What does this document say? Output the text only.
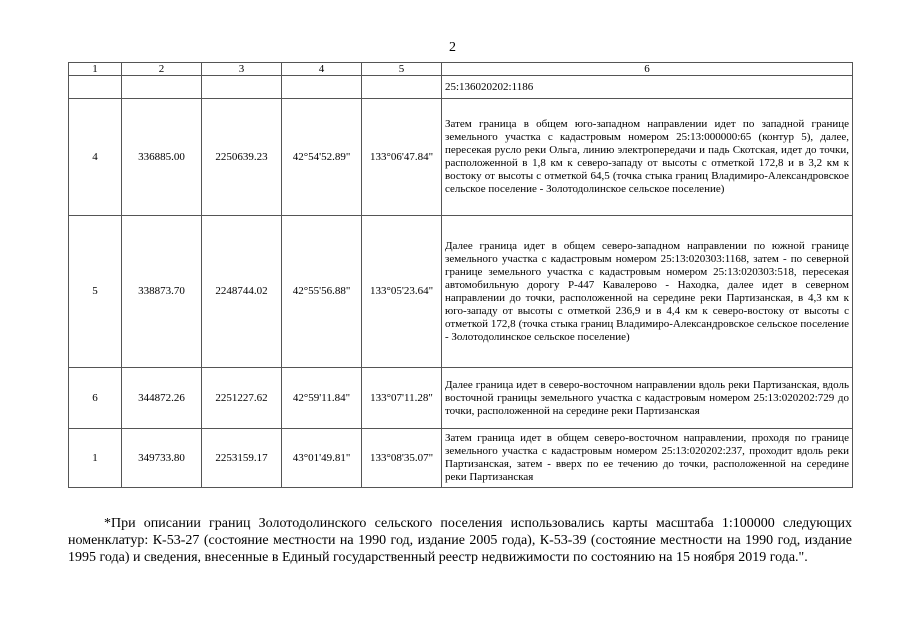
2
1	2	3	4	5	6
					25:136020202:1186
4	336885.00	2250639.23	42°54'52.89"	133°06'47.84"	Затем граница в общем юго-западном направлении идет по западной границе земельного участка с кадастровым номером 25:13:000000:65 (контур 5), далее, пересекая русло реки Ольга, линию электропередачи и падь Скотская, идет до точки, расположенной в 1,8 км к северо-западу от высоты с отметкой 172,8 и в 3,2 км к востоку от высоты с отметкой 64,5 (точка стыка границ Владимиро-Александровское сельское поселение - Золотодолинское сельское поселение)
5	338873.70	2248744.02	42°55'56.88"	133°05'23.64"	Далее граница идет в общем северо-западном направлении по южной границе земельного участка с кадастровым номером 25:13:020303:1168, затем - по северной границе земельного участка с кадастровым номером 25:13:020303:518, пересекая автомобильную дорогу Р-447 Кавалерово - Находка, далее идет в северном направлении до точки, расположенной на середине реки Партизанская, в 4,3 км к юго-западу от высоты с отметкой 236,9 и в 4,4 км к северо-востоку от высоты с отметкой 172,8 (точка стыка границ Владимиро-Александровское сельское поселение - Золотодолинское сельское поселение)
6	344872.26	2251227.62	42°59'11.84"	133°07'11.28"	Далее граница идет в северо-восточном направлении вдоль реки Партизанская, вдоль восточной границы земельного участка с кадастровым номером 25:13:020202:729 до точки, расположенной на середине реки Партизанская
1	349733.80	2253159.17	43°01'49.81"	133°08'35.07"	Затем граница идет в общем северо-восточном направлении, проходя по границе земельного участка с кадастровым номером 25:13:020202:237, проходит вдоль реки Партизанская, затем - вверх по ее течению до точки, расположенной на середине реки Партизанская
*При описании границ Золотодолинского сельского поселения использовались карты масштаба 1:100000 следующих номенклатур: К-53-27 (состояние местности на 1990 год, издание 2005 года), К-53-39 (состояние местности на 1990 год, издание 1995 года) и сведения, внесенные в Единый государственный реестр недвижимости по состоянию на 15 ноября 2019 года.".
